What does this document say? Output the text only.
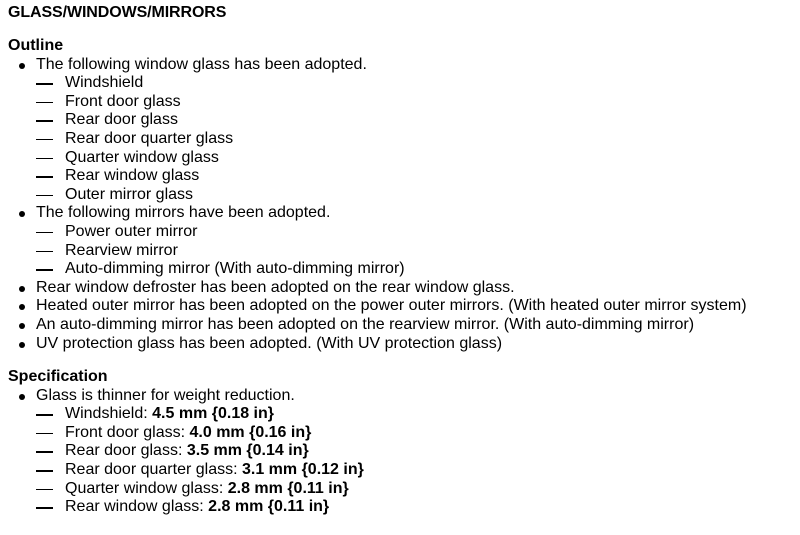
GLASS/WINDOWS/MIRRORS
Outline
The following window glass has been adopted.
Windshield
Front door glass
Rear door glass
Rear door quarter glass
Quarter window glass
Rear window glass
Outer mirror glass
The following mirrors have been adopted.
Power outer mirror
Rearview mirror
Auto-dimming mirror (With auto-dimming mirror)
Rear window defroster has been adopted on the rear window glass.
Heated outer mirror has been adopted on the power outer mirrors. (With heated outer mirror system)
An auto-dimming mirror has been adopted on the rearview mirror. (With auto-dimming mirror)
UV protection glass has been adopted. (With UV protection glass)
Specification
Glass is thinner for weight reduction.
Windshield: 4.5 mm {0.18 in}
Front door glass: 4.0 mm {0.16 in}
Rear door glass: 3.5 mm {0.14 in}
Rear door quarter glass: 3.1 mm {0.12 in}
Quarter window glass: 2.8 mm {0.11 in}
Rear window glass: 2.8 mm {0.11 in}
